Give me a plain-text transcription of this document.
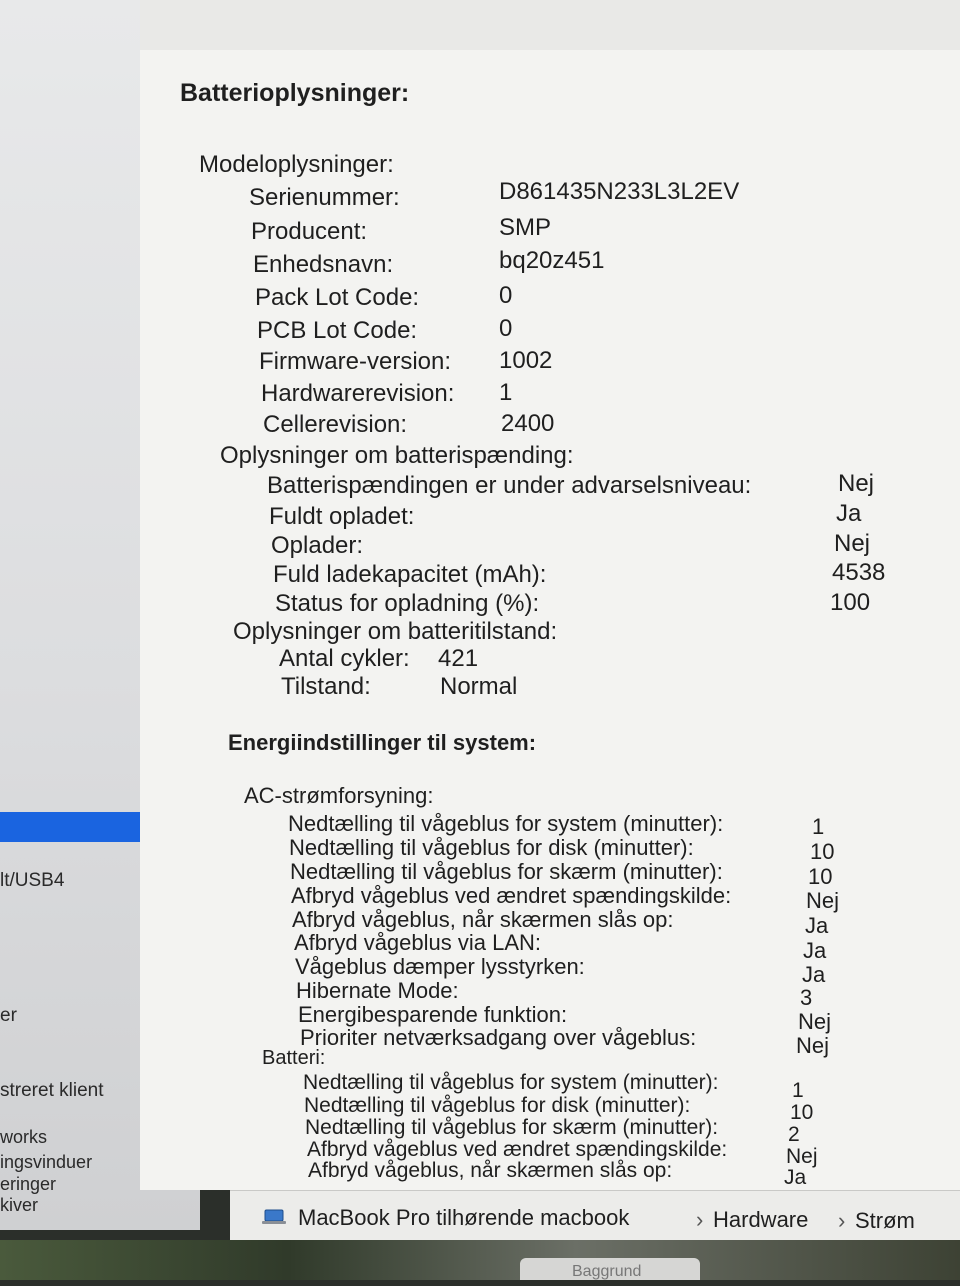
lt/USB4
er
streret klient
works
ingsvinduer
eringer
kiver
Batterioplysninger:
Modeloplysninger:
Serienummer:	D861435N233L3L2EV
Producent:	SMP
Enhedsnavn:	bq20z451
Pack Lot Code:	0
PCB Lot Code:	0
Firmware-version: 1002
Hardwarerevision: 1
Cellerevision:	2400
Oplysninger om batterispænding:
Batterispændingen er under advarselsniveau:	Nej
Fuldt opladet:	Ja
Oplader:	Nej
Fuld ladekapacitet (mAh):	4538
Status for opladning (%):	100
Oplysninger om batteritilstand:
Antal cykler: 421
Tilstand:	Normal
Energiindstillinger til system:
AC-strømforsyning:
Nedtælling til vågeblus for system (minutter):	1
Nedtælling til vågeblus for disk (minutter):	10
Nedtælling til vågeblus for skærm (minutter):	10
Afbryd vågeblus ved ændret spændingskilde:	Nej
Afbryd vågeblus, når skærmen slås op:	Ja
Afbryd vågeblus via LAN:	Ja
Vågeblus dæmper lysstyrken:	Ja
Hibernate Mode:	3
Energibesparende funktion:	Nej
Prioriter netværksadgang over vågeblus:	Nej
Batteri:
Nedtælling til vågeblus for system (minutter):	1
Nedtælling til vågeblus for disk (minutter):	10
Nedtælling til vågeblus for skærm (minutter):	2
Afbryd vågeblus ved ændret spændingskilde:	Nej
Afbryd vågeblus, når skærmen slås op:	Ja
MacBook Pro tilhørende macbook	› Hardware › Strøm
Baggrund
